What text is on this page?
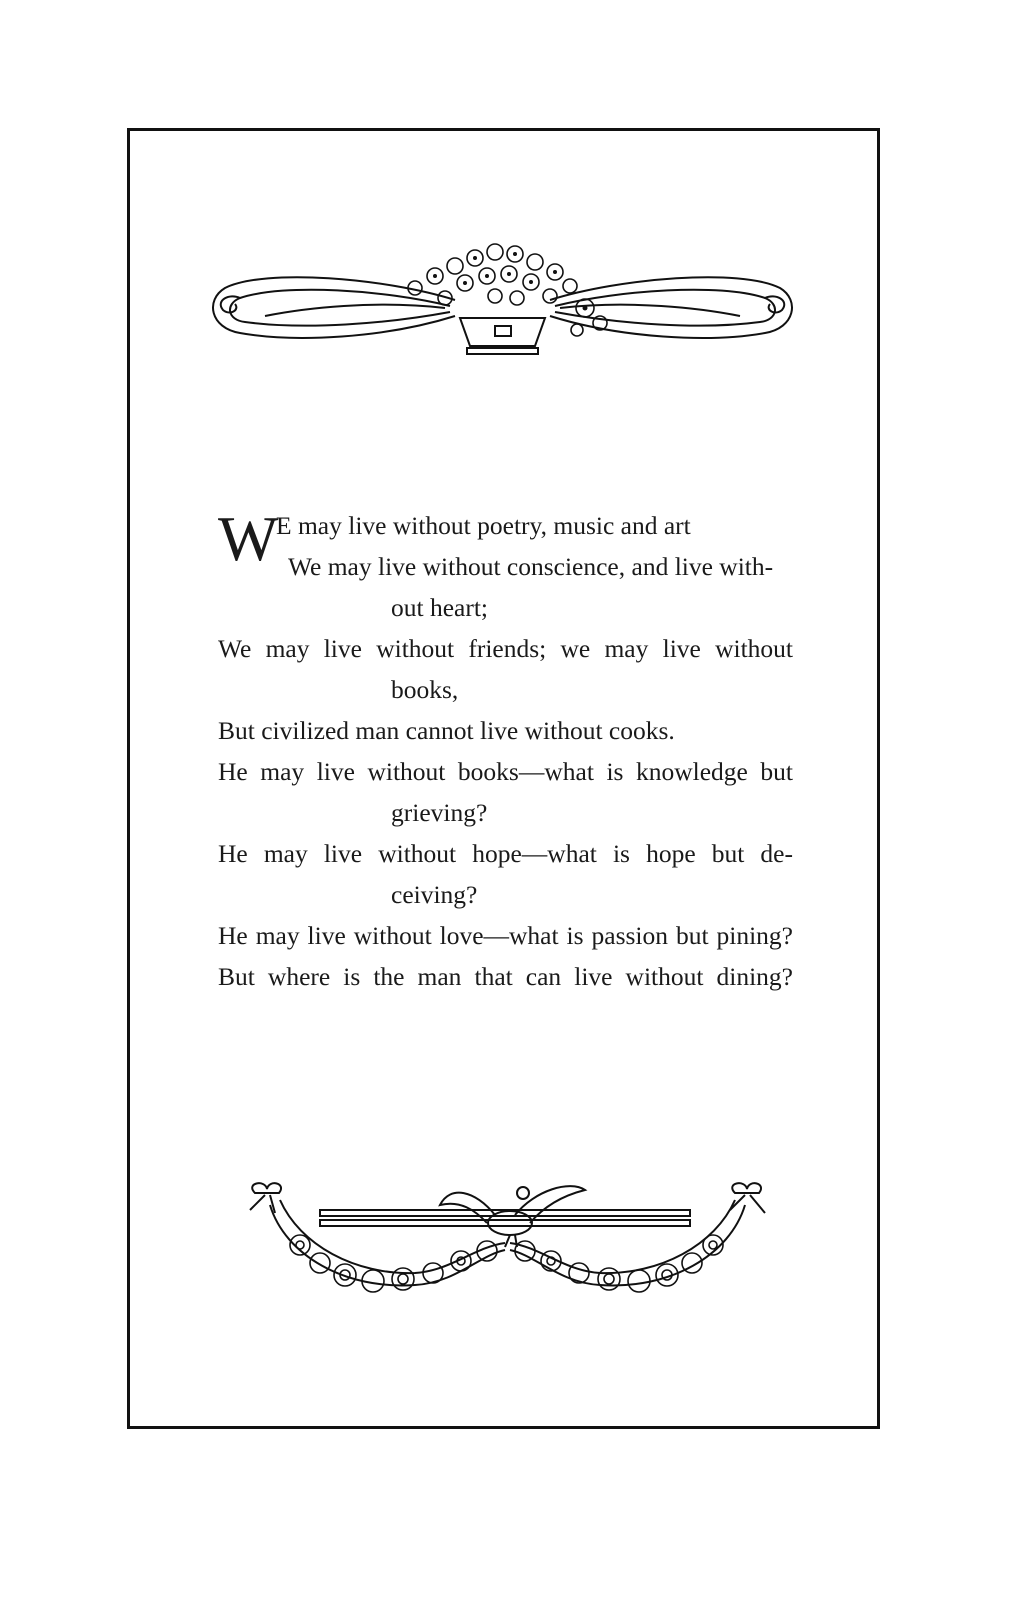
W
E may live without poetry, music and art
We may live without conscience, and live with-
out heart;
We may live without friends; we may live without
books,
But civilized man cannot live without cooks.
He may live without books—what is knowledge but
grieving?
He may live without hope—what is hope but de-
ceiving?
He may live without love—what is passion but pining?
But where is the man that can live without dining?
